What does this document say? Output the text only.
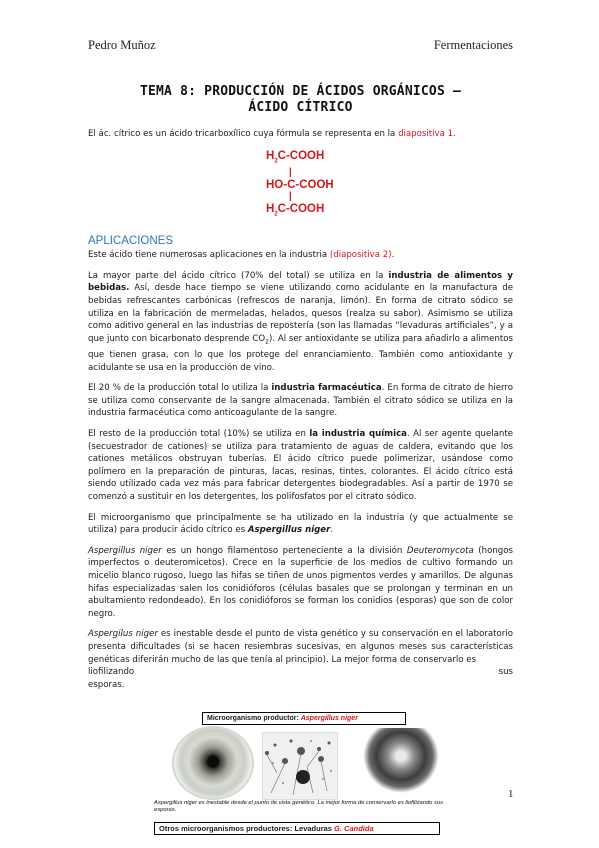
Pedro Muñoz	Fermentaciones
TEMA 8: PRODUCCIÓN DE ÁCIDOS ORGÁNICOS –
ÁCIDO CÍTRICO

El ác. cítrico es un ácido tricarboxílico cuya fórmula se representa en la diapositiva 1.

$H_2C$-COOH
|
HO-C-COOH
|
$H_2C$-COOH
APLICACIONES

Este ácido tiene numerosas aplicaciones en la industria (diapositiva 2).

La mayor parte del ácido cítrico (70% del total) se utiliza en la industria de alimentos y bebidas. Así, desde hace tiempo se viene utilizando como acidulante en la manufactura de bebidas refrescantes carbónicas (refrescos de naranja, limón). En forma de citrato sódico se utiliza en la fabricación de mermeladas, helados, quesos (realza su sabor). Asimismo se utiliza como aditivo general en las industrias de repostería (son las llamadas “levaduras artificiales”, y a que junto con bicarbonato desprende $CO_2$). Al ser antioxidante se utiliza para añadirlo a alimentos que tienen grasa, con lo que los protege del enranciamiento. También como antioxidante y acidulante se usa en la producción de vino.

El 20 % de la producción total lo utiliza la industria farmacéutica. En forma de citrato de hierro se utiliza como conservante de la sangre almacenada. También el citrato sódico se utiliza en la industria farmacéutica como anticoagulante de la sangre.

El resto de la producción total (10%) se utiliza en la industria química. Al ser agente quelante (secuestrador de cationes) se utiliza para tratamiento de aguas de caldera, evitando que los cationes metálicos obstruyan tuberías. El ácido cítrico puede polimerizar, usándose como polímero en la preparación de pinturas, lacas, resinas, tintes, colorantes. El ácido cítrico está siendo utilizado cada vez más para fabricar detergentes biodegradables. Así a partir de 1970 se comenzó a sustituir en los detergentes, los polifosfatos por el citrato sódico.

El microorganismo que principalmente se ha utilizado en la industria (y que actualmente se utiliza) para producir ácido cítrico es Aspergillus niger.

Aspergillus niger es un hongo filamentoso perteneciente a la división Deuteromycota (hongos imperfectos o deuteromicetos). Crece en la superficie de los medios de cultivo formando un micelio blanco rugoso, luego las hifas se tiñen de unos pigmentos verdes y amarillos. De algunas hifas especializadas salen los conidióforos (células basales que se prolongan y terminan en un abultamiento redondeado). En los conidióforos se forman los conidios (esporas) que son de color negro.

Aspergilus niger es inestable desde el punto de vista genético y su conservación en el laboratorio presenta dificultades (si se hacen resiembras sucesivas, en algunos meses sus características genéticas diferirán mucho de las que tenía al principio). La mejor forma de conservarlo es

liofilizando	sus

esporas.

Microorganismo productor: Aspergillus niger
Aspergillus niger es inestable desde el punto de vista genético. La mejor forma de conservarlo es liofilizando sus esporas.
Otros microorganismos productores: Levaduras G. Candida
1
